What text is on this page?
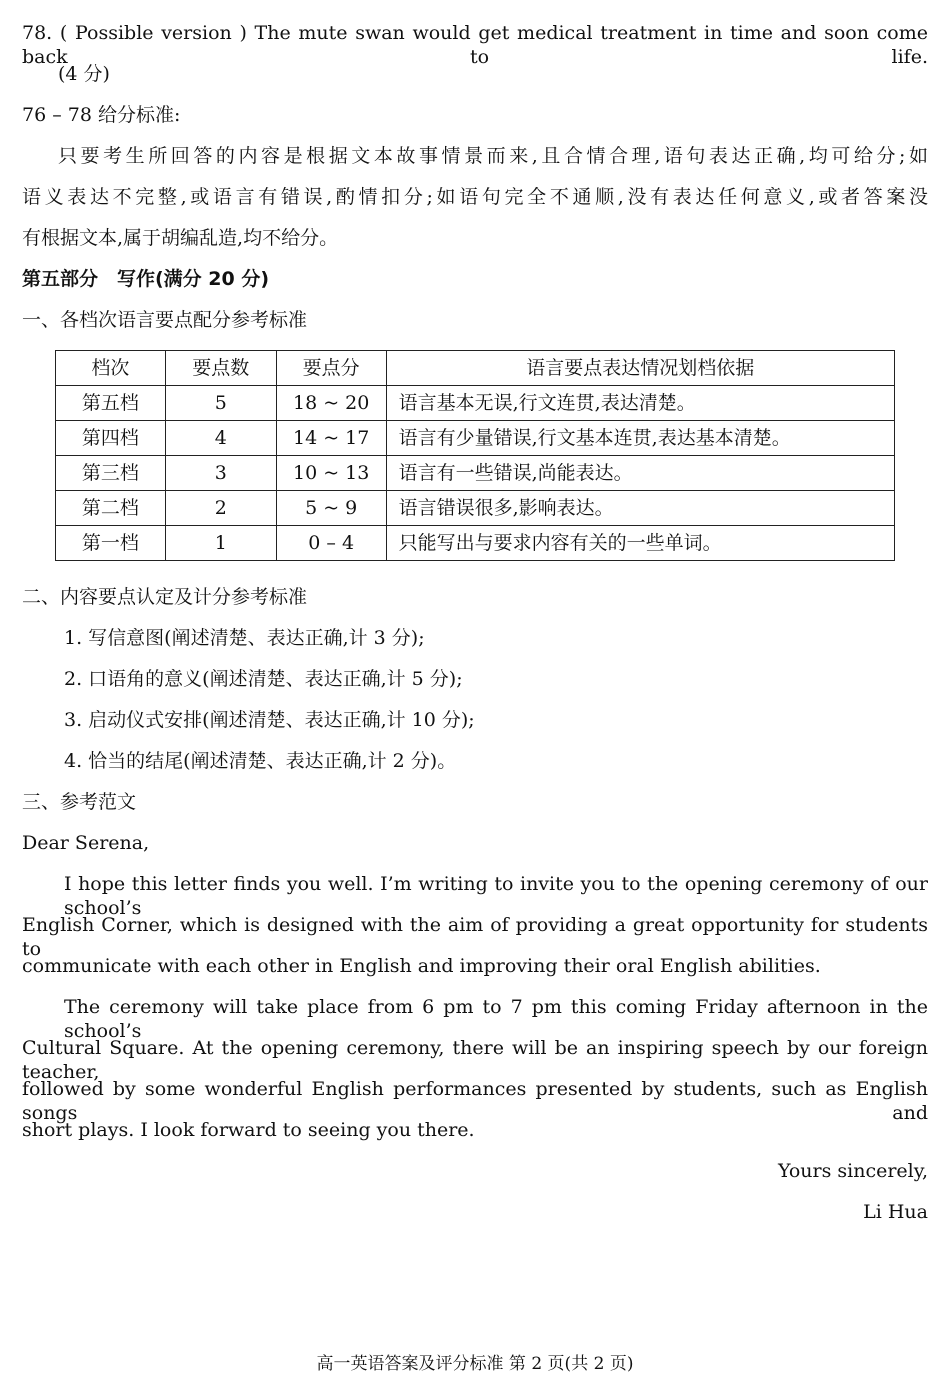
78. ( Possible version ) The mute swan would get medical treatment in time and soon come back to life.
(4 分)
76 – 78 给分标准:
只要考生所回答的内容是根据文本故事情景而来,且合情合理,语句表达正确,均可给分;如
语义表达不完整,或语言有错误,酌情扣分;如语句完全不通顺,没有表达任何意义,或者答案没
有根据文本,属于胡编乱造,均不给分。
第五部分　写作(满分 20 分)
一、各档次语言要点配分参考标准
档次	要点数	要点分	语言要点表达情况划档依据
第五档	5	18 ~ 20	语言基本无误,行文连贯,表达清楚。
第四档	4	14 ~ 17	语言有少量错误,行文基本连贯,表达基本清楚。
第三档	3	10 ~ 13	语言有一些错误,尚能表达。
第二档	2	5 ~ 9	语言错误很多,影响表达。
第一档	1	0 – 4	只能写出与要求内容有关的一些单词。
二、内容要点认定及计分参考标准
1. 写信意图(阐述清楚、表达正确,计 3 分);
2. 口语角的意义(阐述清楚、表达正确,计 5 分);
3. 启动仪式安排(阐述清楚、表达正确,计 10 分);
4. 恰当的结尾(阐述清楚、表达正确,计 2 分)。
三、参考范文
Dear Serena,
I hope this letter finds you well. I’m writing to invite you to the opening ceremony of our school’s
English Corner, which is designed with the aim of providing a great opportunity for students to
communicate with each other in English and improving their oral English abilities.
The ceremony will take place from 6 pm to 7 pm this coming Friday afternoon in the school’s
Cultural Square. At the opening ceremony, there will be an inspiring speech by our foreign teacher,
followed by some wonderful English performances presented by students, such as English songs and
short plays. I look forward to seeing you there.
Yours sincerely,
Li Hua
高一英语答案及评分标准 第 2 页(共 2 页)
